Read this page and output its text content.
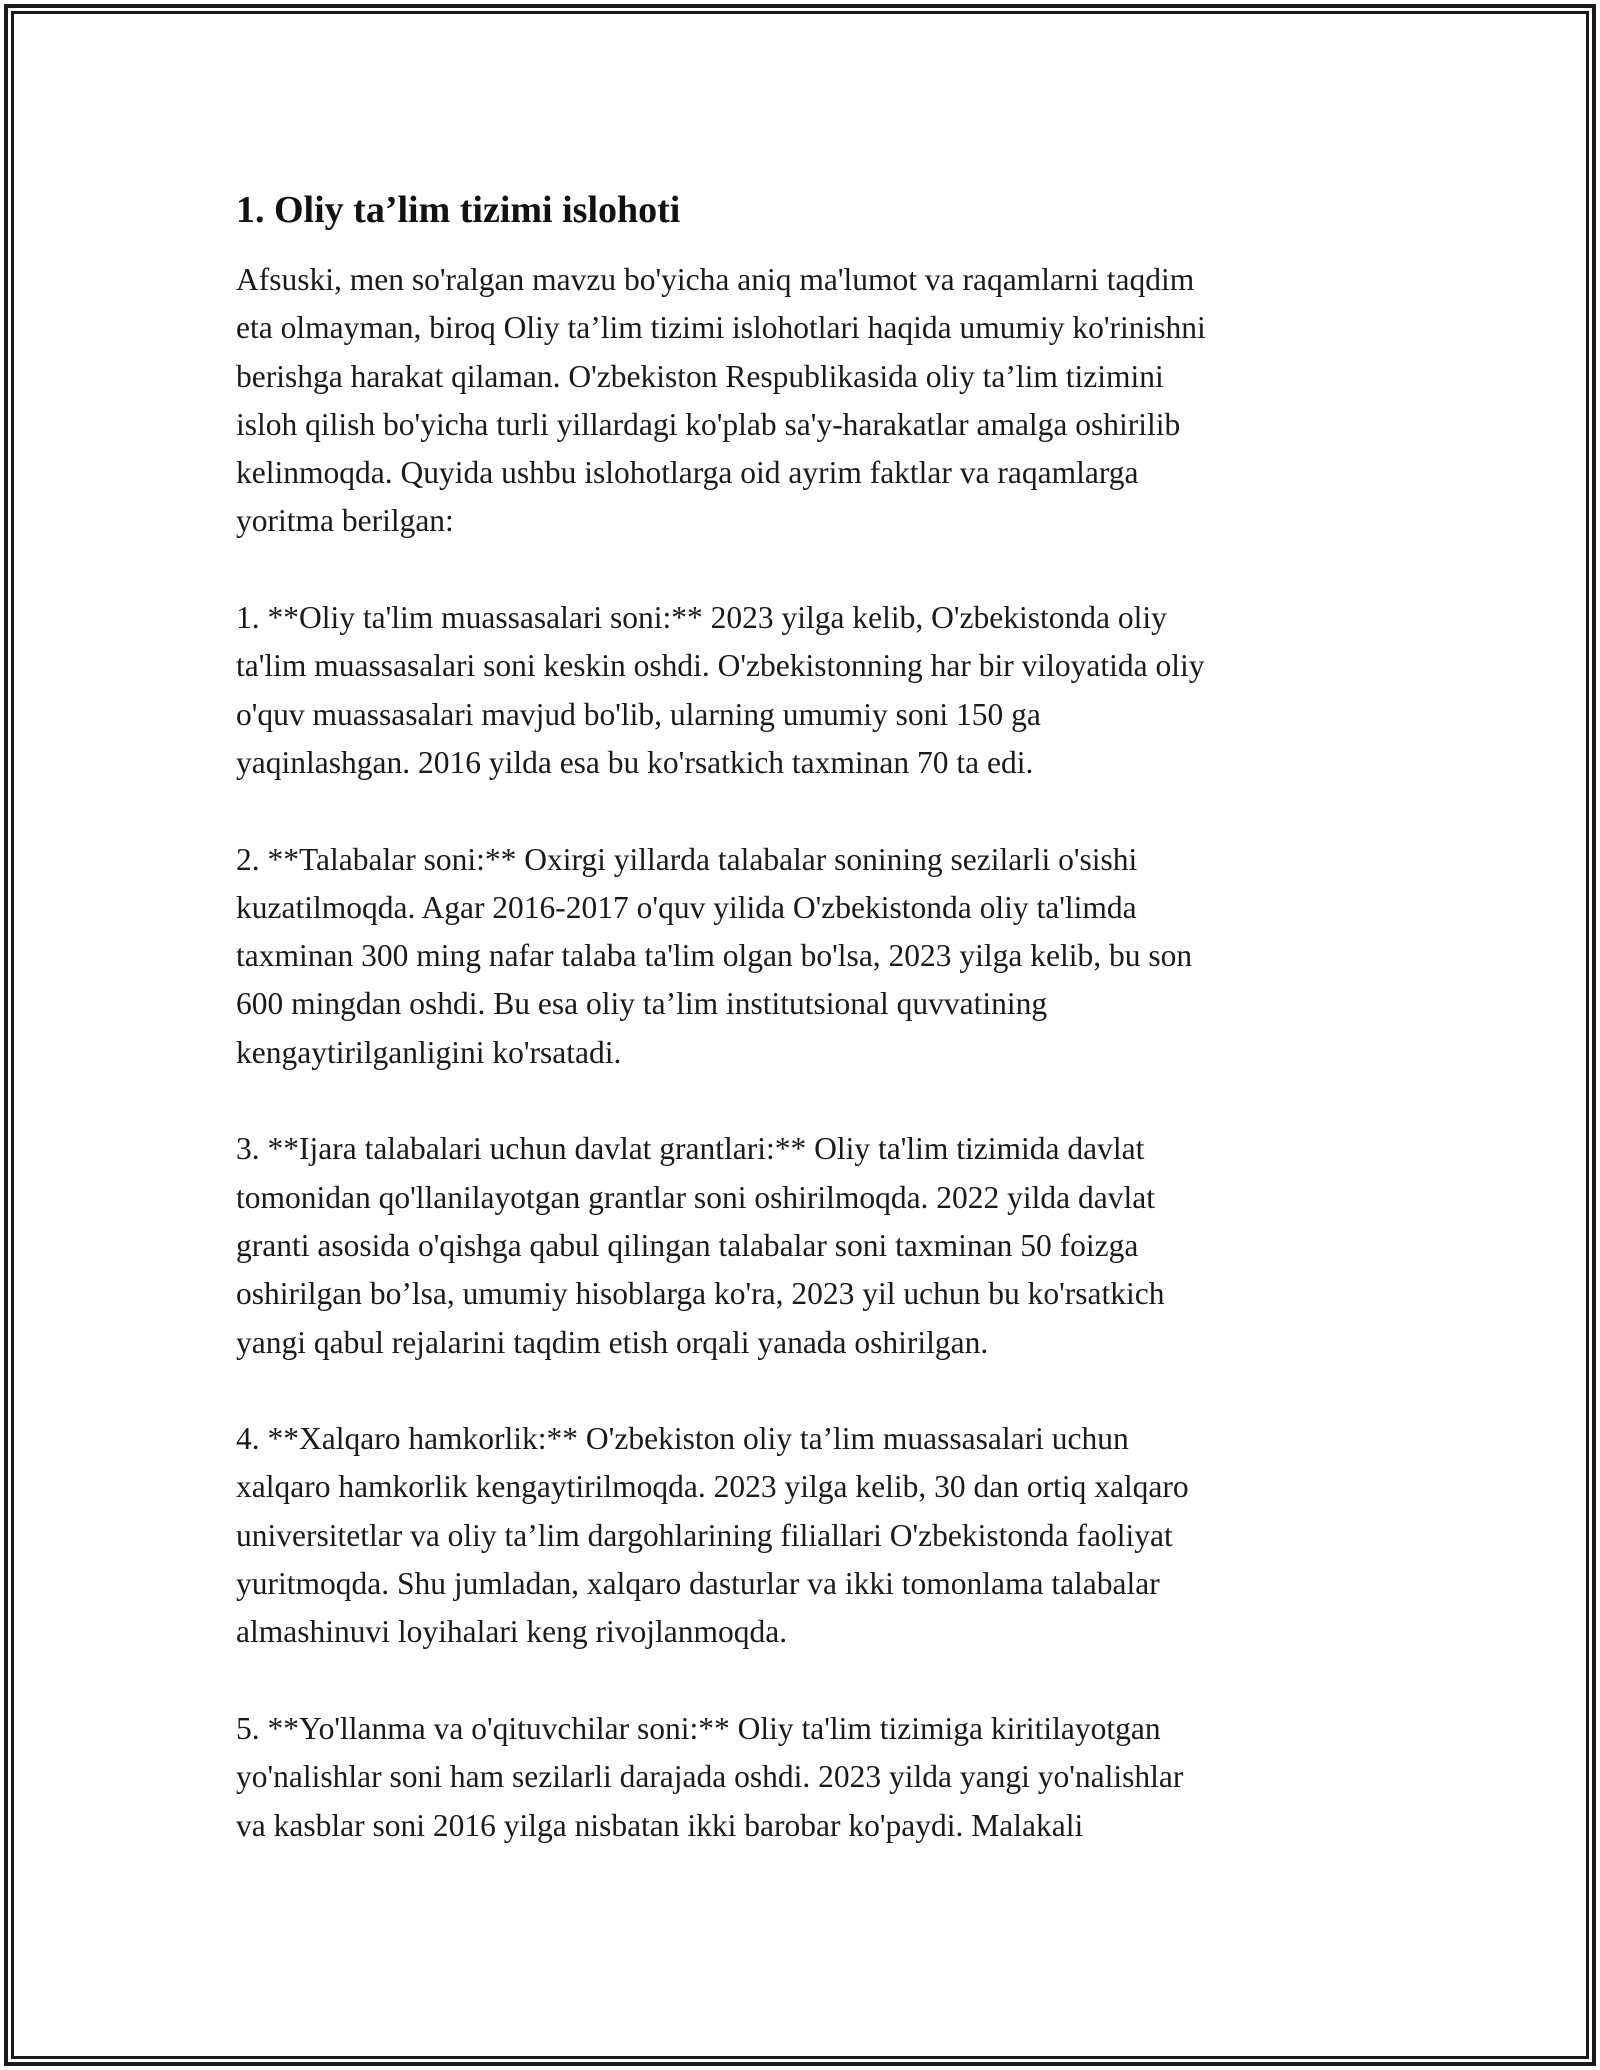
1. Oliy ta’lim tizimi islohoti

Afsuski, men so'ralgan mavzu bo'yicha aniq ma'lumot va raqamlarni taqdim
eta olmayman, biroq Oliy ta’lim tizimi islohotlari haqida umumiy ko'rinishni
berishga harakat qilaman. O'zbekiston Respublikasida oliy ta’lim tizimini
isloh qilish bo'yicha turli yillardagi ko'plab sa'y-harakatlar amalga oshirilib
kelinmoqda. Quyida ushbu islohotlarga oid ayrim faktlar va raqamlarga
yoritma berilgan:

1. **Oliy ta'lim muassasalari soni:** 2023 yilga kelib, O'zbekistonda oliy
ta'lim muassasalari soni keskin oshdi. O'zbekistonning har bir viloyatida oliy
o'quv muassasalari mavjud bo'lib, ularning umumiy soni 150 ga
yaqinlashgan. 2016 yilda esa bu ko'rsatkich taxminan 70 ta edi.

2. **Talabalar soni:** Oxirgi yillarda talabalar sonining sezilarli o'sishi
kuzatilmoqda. Agar 2016-2017 o'quv yilida O'zbekistonda oliy ta'limda
taxminan 300 ming nafar talaba ta'lim olgan bo'lsa, 2023 yilga kelib, bu son
600 mingdan oshdi. Bu esa oliy ta’lim institutsional quvvatining
kengaytirilganligini ko'rsatadi.

3. **Ijara talabalari uchun davlat grantlari:** Oliy ta'lim tizimida davlat
tomonidan qo'llanilayotgan grantlar soni oshirilmoqda. 2022 yilda davlat
granti asosida o'qishga qabul qilingan talabalar soni taxminan 50 foizga
oshirilgan bo’lsa, umumiy hisoblarga ko'ra, 2023 yil uchun bu ko'rsatkich
yangi qabul rejalarini taqdim etish orqali yanada oshirilgan.

4. **Xalqaro hamkorlik:** O'zbekiston oliy ta’lim muassasalari uchun
xalqaro hamkorlik kengaytirilmoqda. 2023 yilga kelib, 30 dan ortiq xalqaro
universitetlar va oliy ta’lim dargohlarining filiallari O'zbekistonda faoliyat
yuritmoqda. Shu jumladan, xalqaro dasturlar va ikki tomonlama talabalar
almashinuvi loyihalari keng rivojlanmoqda.

5. **Yo'llanma va o'qituvchilar soni:** Oliy ta'lim tizimiga kiritilayotgan
yo'nalishlar soni ham sezilarli darajada oshdi. 2023 yilda yangi yo'nalishlar
va kasblar soni 2016 yilga nisbatan ikki barobar ko'paydi. Malakali
